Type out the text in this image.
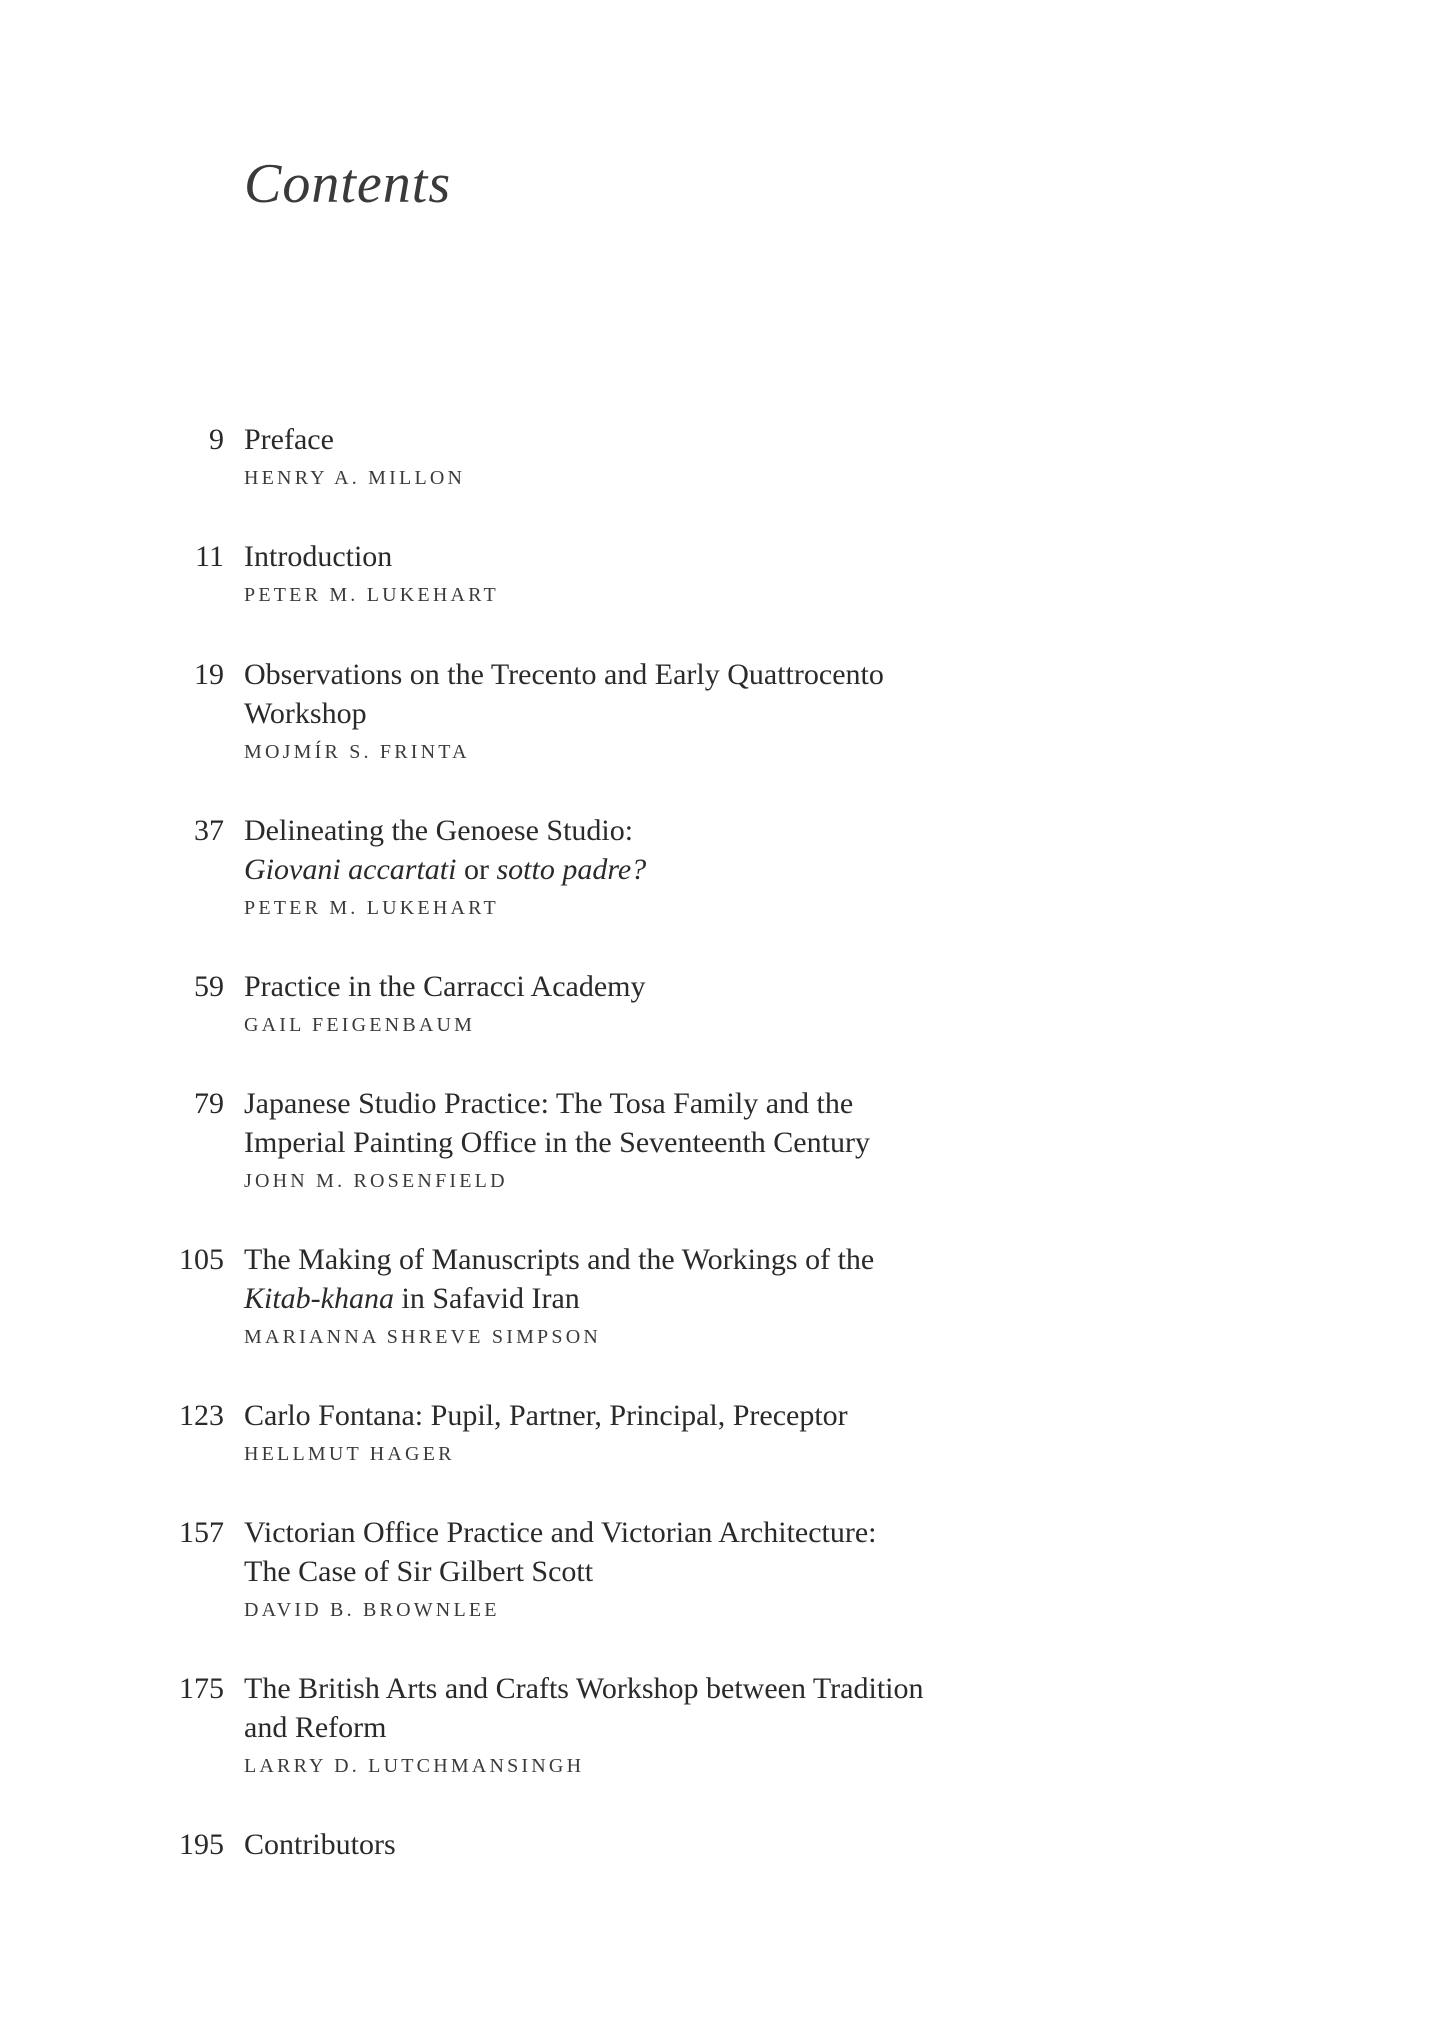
Contents
9 Preface
HENRY A. MILLON
11 Introduction
PETER M. LUKEHART
19 Observations on the Trecento and Early Quattrocento
Workshop
MOJMÍR S. FRINTA
37 Delineating the Genoese Studio:
Giovani accartati or sotto padre?
PETER M. LUKEHART
59 Practice in the Carracci Academy
GAIL FEIGENBAUM
79 Japanese Studio Practice: The Tosa Family and the
Imperial Painting Office in the Seventeenth Century
JOHN M. ROSENFIELD
105 The Making of Manuscripts and the Workings of the
Kitab-khana in Safavid Iran
MARIANNA SHREVE SIMPSON
123 Carlo Fontana: Pupil, Partner, Principal, Preceptor
HELLMUT HAGER
157 Victorian Office Practice and Victorian Architecture:
The Case of Sir Gilbert Scott
DAVID B. BROWNLEE
175 The British Arts and Crafts Workshop between Tradition
and Reform
LARRY D. LUTCHMANSINGH
195 Contributors
